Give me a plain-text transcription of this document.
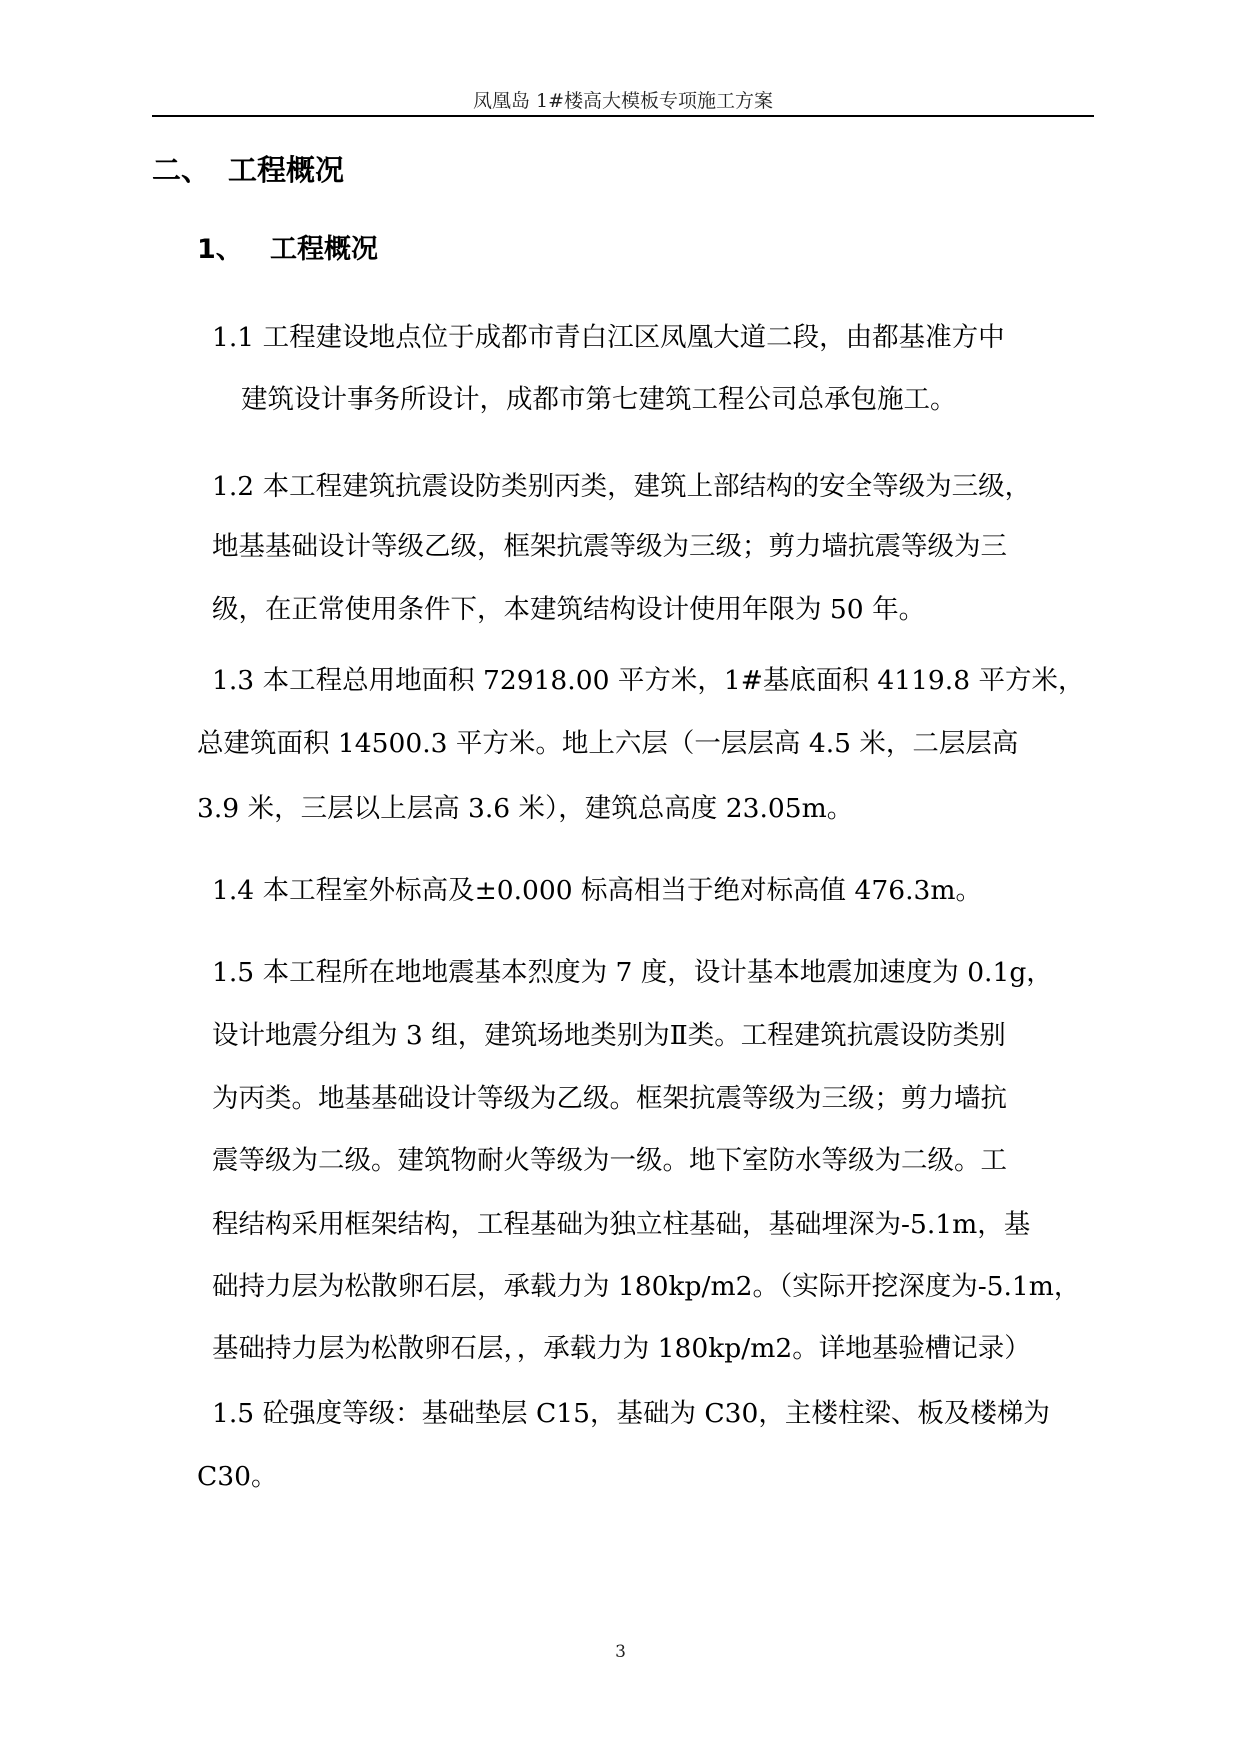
凤凰岛 1#楼高大模板专项施工方案
二、 工程概况
1、 工程概况
1.1 工程建设地点位于成都市青白江区凤凰大道二段，由都基准方中
建筑设计事务所设计，成都市第七建筑工程公司总承包施工。
1.2 本工程建筑抗震设防类别丙类，建筑上部结构的安全等级为三级，
地基基础设计等级乙级，框架抗震等级为三级；剪力墙抗震等级为三
级，在正常使用条件下，本建筑结构设计使用年限为 50 年。
1.3 本工程总用地面积 72918.00 平方米，1#基底面积 4119.8 平方米，
总建筑面积 14500.3 平方米。地上六层（一层层高 4.5 米，二层层高
3.9 米，三层以上层高 3.6 米），建筑总高度 23.05m。
1.4 本工程室外标高及±0.000 标高相当于绝对标高值 476.3m。
1.5 本工程所在地地震基本烈度为 7 度，设计基本地震加速度为 0.1g，
设计地震分组为 3 组，建筑场地类别为Ⅱ类。工程建筑抗震设防类别
为丙类。地基基础设计等级为乙级。框架抗震等级为三级；剪力墙抗
震等级为二级。建筑物耐火等级为一级。地下室防水等级为二级。工
程结构采用框架结构，工程基础为独立柱基础，基础埋深为-5.1m，基
础持力层为松散卵石层，承载力为 180kp/m2。（实际开挖深度为-5.1m，
基础持力层为松散卵石层，，承载力为 180kp/m2。详地基验槽记录）
1.5 砼强度等级：基础垫层 C15，基础为 C30，主楼柱梁、板及楼梯为
C30。
3
